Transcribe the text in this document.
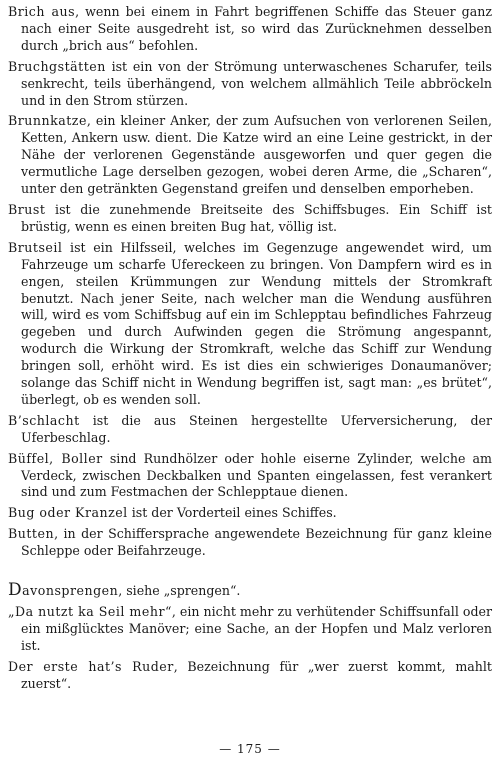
Brich aus, wenn bei einem in Fahrt begriffenen Schiffe das Steuer ganz nach einer Seite ausgedreht ist, so wird das Zurücknehmen desselben durch „brich aus“ befohlen.

Bruchgstätten ist ein von der Strömung unterwaschenes Scharufer, teils senkrecht, teils überhängend, von welchem allmählich Teile abbröckeln und in den Strom stürzen.

Brunnkatze, ein kleiner Anker, der zum Aufsuchen von verlorenen Seilen, Ketten, Ankern usw. dient. Die Katze wird an eine Leine gestrickt, in der Nähe der verlorenen Gegenstände ausgeworfen und quer gegen die vermutliche Lage derselben gezogen, wobei deren Arme, die „Scharen“, unter den getränkten Gegenstand greifen und denselben emporheben.

Brust ist die zunehmende Breitseite des Schiffsbuges. Ein Schiff ist brüstig, wenn es einen breiten Bug hat, völlig ist.

Brutseil ist ein Hilfsseil, welches im Gegenzuge angewendet wird, um Fahrzeuge um scharfe Ufereckeen zu bringen. Von Dampfern wird es in engen, steilen Krümmungen zur Wendung mittels der Stromkraft benutzt. Nach jener Seite, nach welcher man die Wendung ausführen will, wird es vom Schiffsbug auf ein im Schlepptau befindliches Fahrzeug gegeben und durch Aufwinden gegen die Strömung angespannt, wodurch die Wirkung der Stromkraft, welche das Schiff zur Wendung bringen soll, erhöht wird. Es ist dies ein schwieriges Donaumanöver; solange das Schiff nicht in Wendung begriffen ist, sagt man: „es brütet“, überlegt, ob es wenden soll.

B’schlacht ist die aus Steinen hergestellte Uferversicherung, der Uferbeschlag.

Büffel, Boller sind Rundhölzer oder hohle eiserne Zylinder, welche am Verdeck, zwischen Deckbalken und Spanten eingelassen, fest verankert sind und zum Festmachen der Schlepptaue dienen.

Bug oder Kranzel ist der Vorderteil eines Schiffes.

Butten, in der Schiffersprache angewendete Bezeichnung für ganz kleine Schleppe oder Beifahrzeuge.

Davonsprengen, siehe „sprengen“.

„Da nutzt ka Seil mehr“, ein nicht mehr zu verhütender Schiffsunfall oder ein mißglücktes Manöver; eine Sache, an der Hopfen und Malz verloren ist.

Der erste hat’s Ruder, Bezeichnung für „wer zuerst kommt, mahlt zuerst“.

— 175 —
